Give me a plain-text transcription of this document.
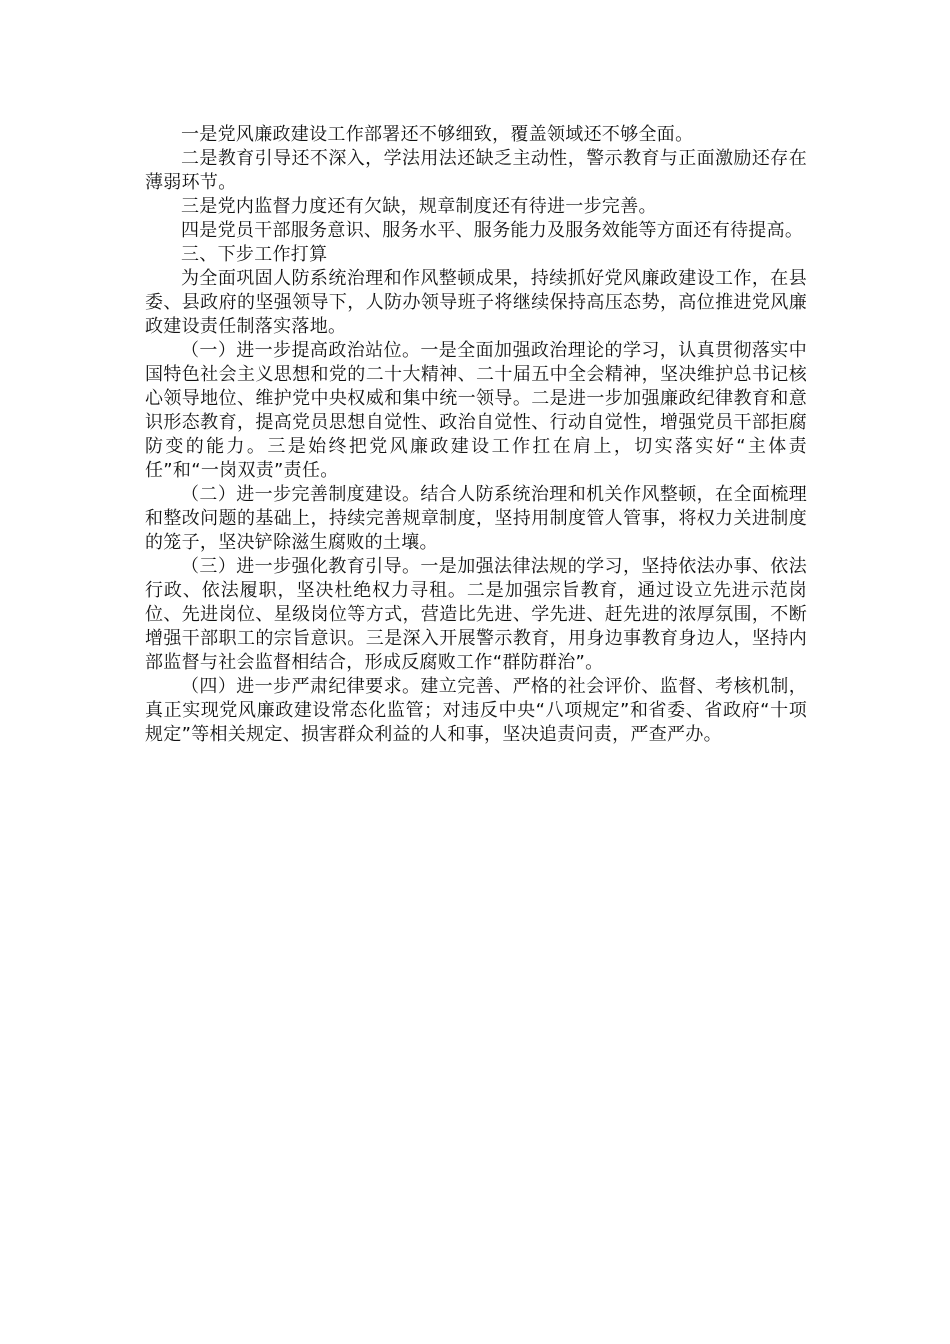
一是党风廉政建设工作部署还不够细致，覆盖领域还不够全面。

二是教育引导还不深入，学法用法还缺乏主动性，警示教育与正面激励还存在薄弱环节。

三是党内监督力度还有欠缺，规章制度还有待进一步完善。

四是党员干部服务意识、服务水平、服务能力及服务效能等方面还有待提高。

三、下步工作打算

为全面巩固人防系统治理和作风整顿成果，持续抓好党风廉政建设工作，在县委、县政府的坚强领导下，人防办领导班子将继续保持高压态势，高位推进党风廉政建设责任制落实落地。

（一）进一步提高政治站位。一是全面加强政治理论的学习，认真贯彻落实中国特色社会主义思想和党的二十大精神、二十届五中全会精神，坚决维护总书记核心领导地位、维护党中央权威和集中统一领导。二是进一步加强廉政纪律教育和意识形态教育，提高党员思想自觉性、政治自觉性、行动自觉性，增强党员干部拒腐防变的能力。三是始终把党风廉政建设工作扛在肩上，切实落实好“主体责任”和“一岗双责”责任。

（二）进一步完善制度建设。结合人防系统治理和机关作风整顿，在全面梳理和整改问题的基础上，持续完善规章制度，坚持用制度管人管事，将权力关进制度的笼子，坚决铲除滋生腐败的土壤。

（三）进一步强化教育引导。一是加强法律法规的学习，坚持依法办事、依法行政、依法履职，坚决杜绝权力寻租。二是加强宗旨教育，通过设立先进示范岗位、先进岗位、星级岗位等方式，营造比先进、学先进、赶先进的浓厚氛围，不断增强干部职工的宗旨意识。三是深入开展警示教育，用身边事教育身边人，坚持内部监督与社会监督相结合，形成反腐败工作“群防群治”。

（四）进一步严肃纪律要求。建立完善、严格的社会评价、监督、考核机制，真正实现党风廉政建设常态化监管；对违反中央“八项规定”和省委、省政府“十项规定”等相关规定、损害群众利益的人和事，坚决追责问责，严查严办。
